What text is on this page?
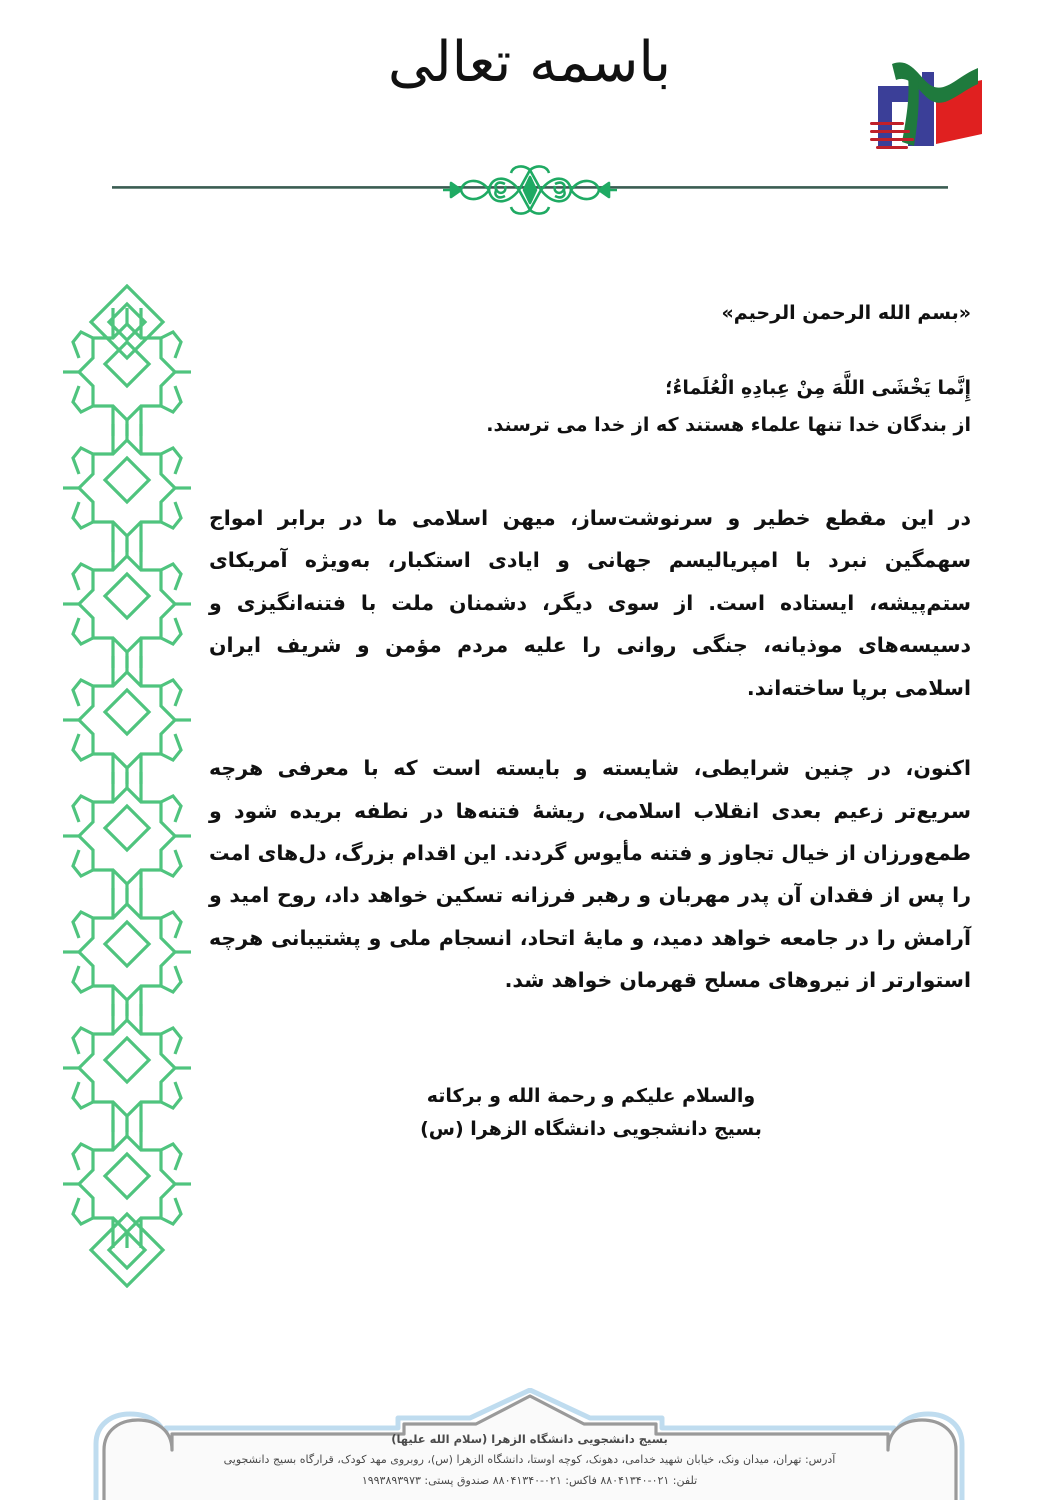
باسمه تعالی

«بسم الله الرحمن الرحیم»

إِنَّما يَخْشَى اللَّهَ مِنْ عِبادِهِ الْعُلَماءُ؛

از بندگان خدا تنها علماء هستند که از خدا می ترسند.

در این مقطع خطیر و سرنوشت‌ساز، میهن اسلامی ما در برابر امواج سهمگین نبرد با امپریالیسم جهانی و ایادی استکبار، به‌ویژه آمریکای ستم‌پیشه، ایستاده است. از سوی دیگر، دشمنان ملت با فتنه‌انگیزی و دسیسه‌های موذیانه، جنگی روانی را علیه مردم مؤمن و شریف ایران اسلامی برپا ساخته‌اند.

اکنون، در چنین شرایطی، شایسته و بایسته است که با معرفی هرچه سریع‌تر زعیم بعدی انقلاب اسلامی، ریشهٔ فتنه‌ها در نطفه بریده شود و طمع‌ورزان از خیال تجاوز و فتنه مأیوس گردند. این اقدام بزرگ، دل‌های امت را پس از فقدان آن پدر مهربان و رهبر فرزانه تسکین خواهد داد، روح امید و آرامش را در جامعه خواهد دمید، و مایهٔ اتحاد، انسجام ملی و پشتیبانی هرچه استوارتر از نیروهای مسلح قهرمان خواهد شد.

والسلام علیکم و رحمة الله و برکاته

بسیج دانشجویی دانشگاه الزهرا (س)

بسیج دانشجویی دانشگاه الزهرا (سلام الله علیها)

آدرس: تهران، میدان ونک، خیابان شهید خدامی، دهونک، کوچه اوستا، دانشگاه الزهرا (س)، روبروی مهد کودک، قرارگاه بسیج دانشجویی

تلفن: ۰۲۱-۸۸۰۴۱۳۴۰ فاکس: ۰۲۱-۸۸۰۴۱۳۴۰ صندوق پستی: ۱۹۹۳۸۹۳۹۷۳
